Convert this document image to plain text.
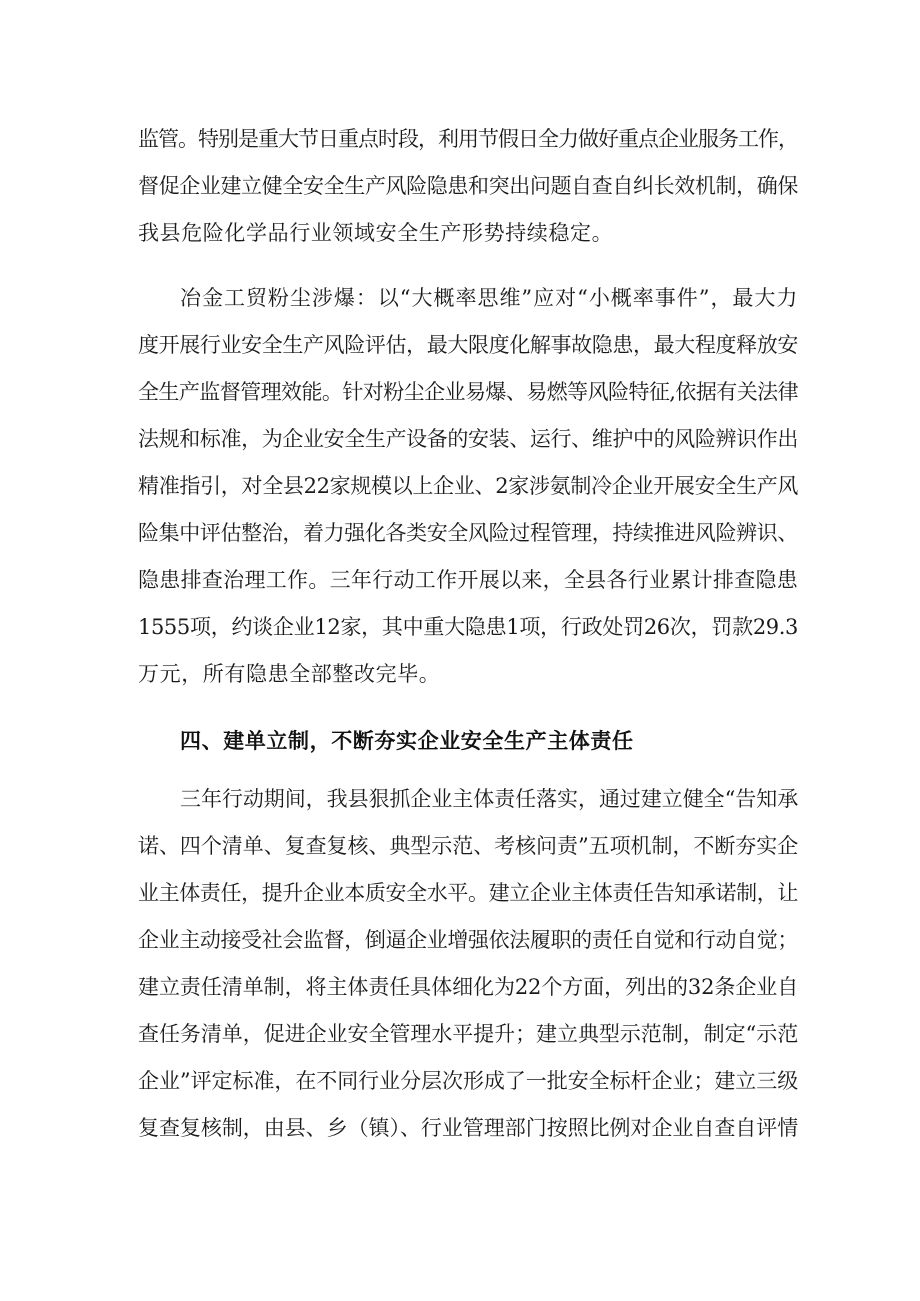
监管。特别是重大节日重点时段，利用节假日全力做好重点企业服务工作，
督促企业建立健全安全生产风险隐患和突出问题自查自纠长效机制，确保
我县危险化学品行业领域安全生产形势持续稳定。
冶金工贸粉尘涉爆：以“大概率思维”应对“小概率事件”，最大力
度开展行业安全生产风险评估，最大限度化解事故隐患，最大程度释放安
全生产监督管理效能。针对粉尘企业易爆、易燃等风险特征,依据有关法律
法规和标准，为企业安全生产设备的安装、运行、维护中的风险辨识作出
精准指引，对全县22家规模以上企业、2家涉氨制冷企业开展安全生产风
险集中评估整治，着力强化各类安全风险过程管理，持续推进风险辨识、
隐患排查治理工作。三年行动工作开展以来，全县各行业累计排查隐患
1555项，约谈企业12家，其中重大隐患1项，行政处罚26次，罚款29.3
万元，所有隐患全部整改完毕。
四、建单立制，不断夯实企业安全生产主体责任
三年行动期间，我县狠抓企业主体责任落实，通过建立健全“告知承
诺、四个清单、复查复核、典型示范、考核问责”五项机制，不断夯实企
业主体责任，提升企业本质安全水平。建立企业主体责任告知承诺制，让
企业主动接受社会监督，倒逼企业增强依法履职的责任自觉和行动自觉；
建立责任清单制，将主体责任具体细化为22个方面，列出的32条企业自
查任务清单，促进企业安全管理水平提升；建立典型示范制，制定“示范
企业”评定标准，在不同行业分层次形成了一批安全标杆企业；建立三级
复查复核制，由县、乡（镇）、行业管理部门按照比例对企业自查自评情
